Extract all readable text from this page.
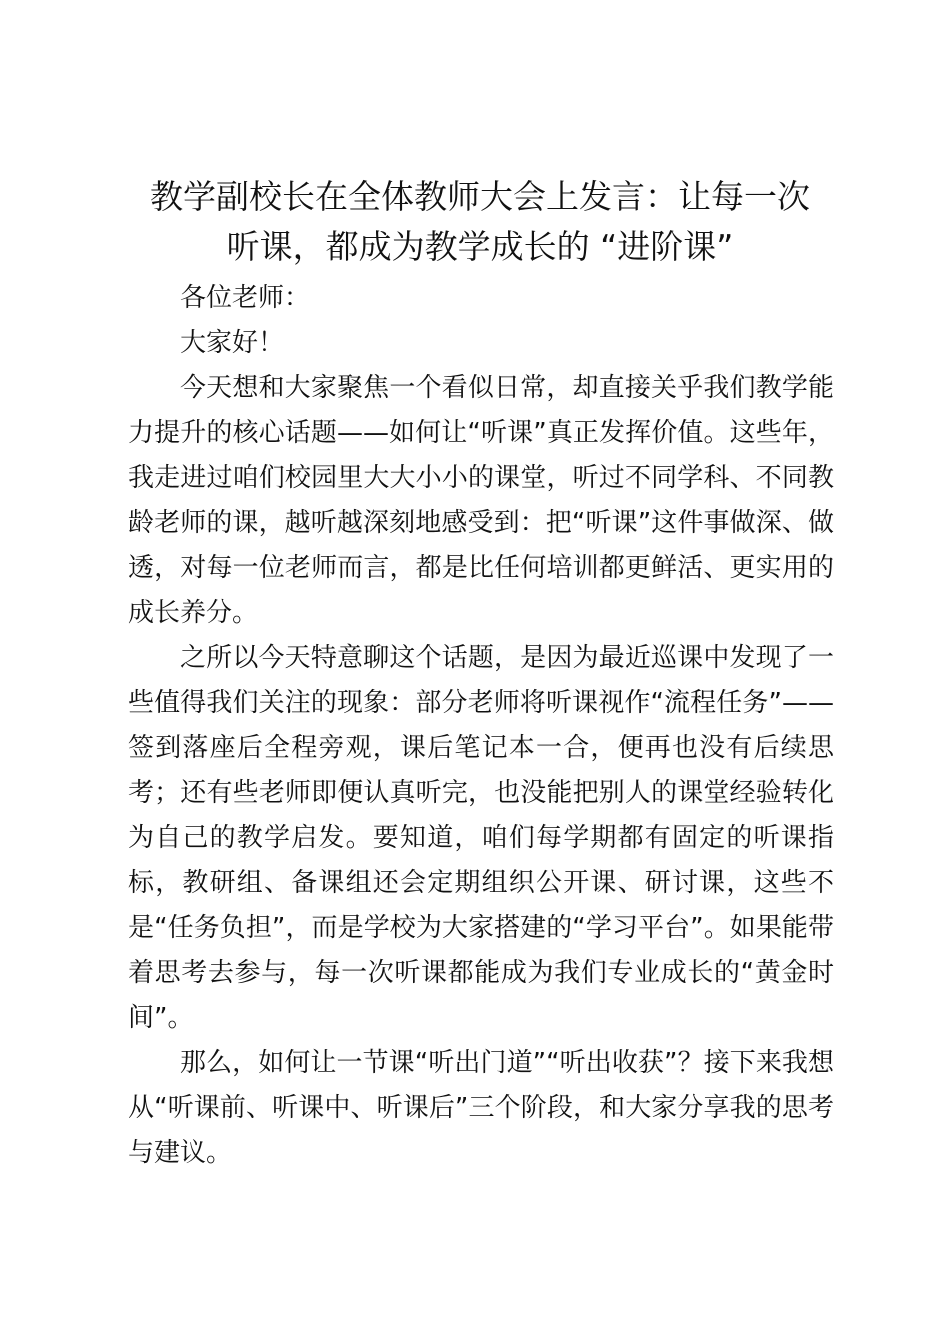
教学副校长在全体教师大会上发言：让每一次
听课，都成为教学成长的 “进阶课”

各位老师：

大家好！

今天想和大家聚焦一个看似日常，却直接关乎我们教学能力提升的核心话题——如何让“听课”真正发挥价值。这些年，我走进过咱们校园里大大小小的课堂，听过不同学科、不同教龄老师的课，越听越深刻地感受到：把“听课”这件事做深、做透，对每一位老师而言，都是比任何培训都更鲜活、更实用的成长养分。

之所以今天特意聊这个话题，是因为最近巡课中发现了一些值得我们关注的现象：部分老师将听课视作“流程任务”——签到落座后全程旁观，课后笔记本一合，便再也没有后续思考；还有些老师即便认真听完，也没能把别人的课堂经验转化为自己的教学启发。要知道，咱们每学期都有固定的听课指标，教研组、备课组还会定期组织公开课、研讨课，这些不是“任务负担”，而是学校为大家搭建的“学习平台”。如果能带着思考去参与，每一次听课都能成为我们专业成长的“黄金时间”。

那么，如何让一节课“听出门道”“听出收获”？接下来我想从“听课前、听课中、听课后”三个阶段，和大家分享我的思考与建议。
